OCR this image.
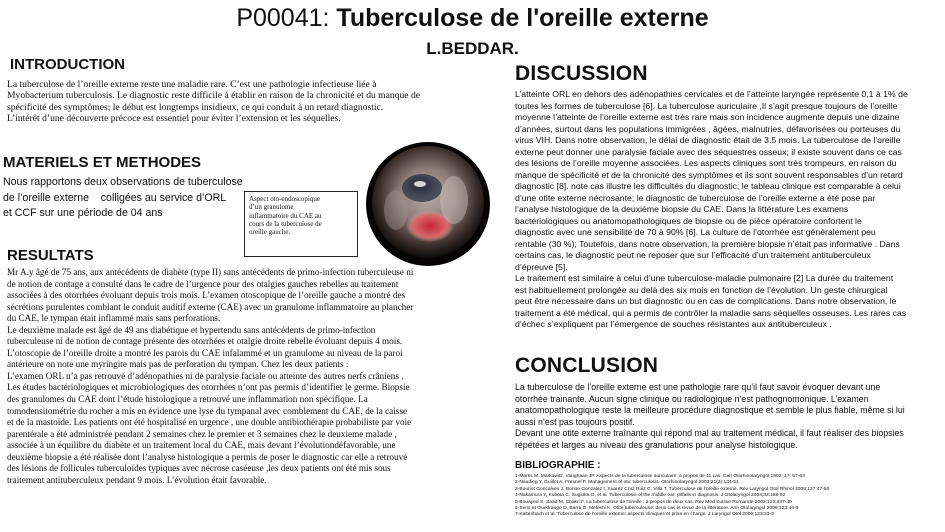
P00041: Tuberculose de l'oreille externe
L.BEDDAR.
INTRODUCTION

La tuberculose de l’oreille externe reste une maladie rare. C’est une pathologie infectieuse liée à

Myobacterium tuberculosis. Le diagnostic reste difficile à établir en raison de la chronicité et du manque de

spécificité des symptômes; le début est longtemps insidieux, ce qui conduit à un retard diagnostic.

L’intérêt d’une découverte précoce est essentiel pour éviter l’extension et les séquelles.

MATERIELS ET METHODES

Nous rapportons deux observations de tuberculose

de l’oreille externe    colligées au service d’ORL

et CCF sur une période de 04 ans

Aspect oto-endoscopique
d’un granulome
inflammatoire du CAE au
cours de la tuberculose de
oreille gauche.
RESULTATS

Mr A.y âgé de 75 ans, aux antécédents de diabète (type II) sans antécédents de primo-infection tuberculeuse ni

de notion de contage a consulté dans le cadre de l’urgence pour des otalgies gauches rebelles au traitement

associées à des otorrhées évoluant depuis trois mois. L’examen otoscopique de l’oreille gauche a montré des

sécrétions purulentes comblant le conduit auditif externe (CAE) avec un granulome inflammatoire au plancher

du CAE, le tympan était inflammé mais sans perforations.

Le deuxième malade est âgé de 49 ans diabétique et hypertendu sans antécédents de primo-infection

tuberculeuse ni de notion de contage présente des otorrhées et otalgie droite rebelle évoluant depuis 4 mois.

L’otoscopie de l’oreille droite a montré les parois du CAE infalammé et un granulome au niveau de la paroi

antérieure on note une myringite mais pas de perforation du tympan. Chez les deux patients :

L’examen ORL n’a pas retrouvé d’adénopathies ni de paralysie faciale ou atteinte des autres nerfs crâniens .

Les études bactériologiques et microbiologiques des otorrhées n’ont pas permis d’identifier le germe. Biopsie

des granulomes du CAE dont l’étude histologique a retrouvé une inflammation non spécifique. La

tomodensitométrie du rocher a mis en évidence une lyse du tympanal avec comblement du CAE, de la caisse

et de la mastoïde. Les patients ont été hospitalisé en urgence , une double antibiothérapie probabiliste par voie

parentérale a été administrée pendant 2 semaines chez le premier et 3 semaines chez le deuxieme malade ,

associée à un équilibre du diabète et un traitement local du CAE, mais devant l’évolutiondéfavorable, une

deuxième biopsie a été réalisée dont l’analyse histologique a permis de poser le diagnostic car elle a retrouvé

des lésions de follicules tuberculoïdes typiques avec nécrose caséeuse ,les deux patients ont été mis sous

traitement antituberculeux pendant 9 mois. L’évolution était favorable.

DISCUSSION

L’atteinte ORL en dehors des adénopathies cervicales et de l’atteinte laryngée représente 0,1 à 1% de

toutes les formes de tuberculose [6]. La tuberculose auriculaire ,Il s’agit presque toujours de l’oreille

moyenne l’atteinte de l’oreille externe est très rare mais son incidence augmente depuis une dizaine

d’années, surtout dans les populations immigrées , âgées, malnutries, défavorisées ou porteuses du

virus VIH. Dans notre observation, le délai de diagnostic était de 3.5 mois. La tuberculose de l’oreille

externe peut donner une paralysie faciale avec des séquestres osseux; il existe souvent dans ce cas

des lésions de l’oreille moyenne associées. Les aspects cliniques sont très trompeurs, en raison du

manque de spécificité et de la chronicité des symptômes et ils sont souvent responsables d’un retard

diagnostic [8]. note cas illustre les difficultés du diagnostic; le tableau clinique est comparable à celui

d’une otite externe nécrosante; le diagnostic de tuberculose de l’oreille externe a été pose par

l’analyse histologique de la deuxième biopsie du CAE. Dans la littérature Les examens

bactériologiques ou anatomopathologiques de biopsie ou de pièce opératoire confortent le

diagnostic avec une sensibilité de 70 à 90% [6]. La culture de l’otorrhée est généralement peu

rentable (30 %); Toutefois, dans notre observation, la première biopsie n’était pas informative . Dans

certains cas, le diagnostic peut ne reposer que sur l’efficacité d’un traitement antituberculeux

d’épreuve [5].

Le traitement est similaire à celui d’une tuberculose-maladie pulmonaire [2] La durée du traitement

est habituellement prolongée au delà des six mois en fonction de l’évolution. Un geste chirurgical

peut être nécessaire dans un but diagnostic ou en cas de complications. Dans notre observation, le

traitement a été médical, qui a permis de contrôler la maladie sans séquelles osseuses. Les rares cas

d’échec s’expliquent par l’émergence de souches résistantes aux antituberculeux .

CONCLUSION

La tuberculose de l’oreille externe est une pathologie rare qu’il faut savoir évoquer devant une

otorrhée trainante. Aucun signe clinique ou radiologique n’est pathognomonique. L’examen

anatomopathologique reste la meilleure procédure diagnostique et semble le plus fiable, même si lui

aussi n’est pas toujours positif.

Devant une otite externe traînante qui répond mal au traitement médical, il faut réaliser des biopsies

répétées et larges au niveau des granulations pour analyse histologique.

BIBLIOGRAPHIE :
1-Marks M, Markowitz, Vaughaan JP. Aspects de la tuberculose auriculaire: à propos de 11 cas. Cah Otorhinolaryngol 1992; 17: 57-63
2-Naudieg Y, Guillet A, Fresnel P. Management of otic tuberculosis. Otorhinolaryngol 2003;21(3):134-51
3-Bouriot Goncalves J, Bonne Gonzalez I, Suarez Cruz Ruiz C, Villa T. Tuberculose de l’oreille externe. Rev Laryngol Otol Rhinol 2006;127:47-50
4-Nakamura Y, Kubota C, Sugioka O, et al. Tuberculosis of the middle ear: pitfalls in diagnosis. J Otolaryngol 2004;33:188-92
5-Bouayed S, Saad M, Chakri F. La tuberculose de l’oreille : à propos de deux cas. Rev Med Suisse Romande 2003;123:337-40
6-Sens et Ouedraogo D, Barra D, Meleshi K. Otite tuberculeuse: deux cas et revue de la littérature. Ann Otolaryngol 2006;123:44-9
7-Kaltenbach et al. Tuberculose de l’oreille externe: aspects cliniques et prise en charge. J Laryngol Otol 2009;123:33-9
